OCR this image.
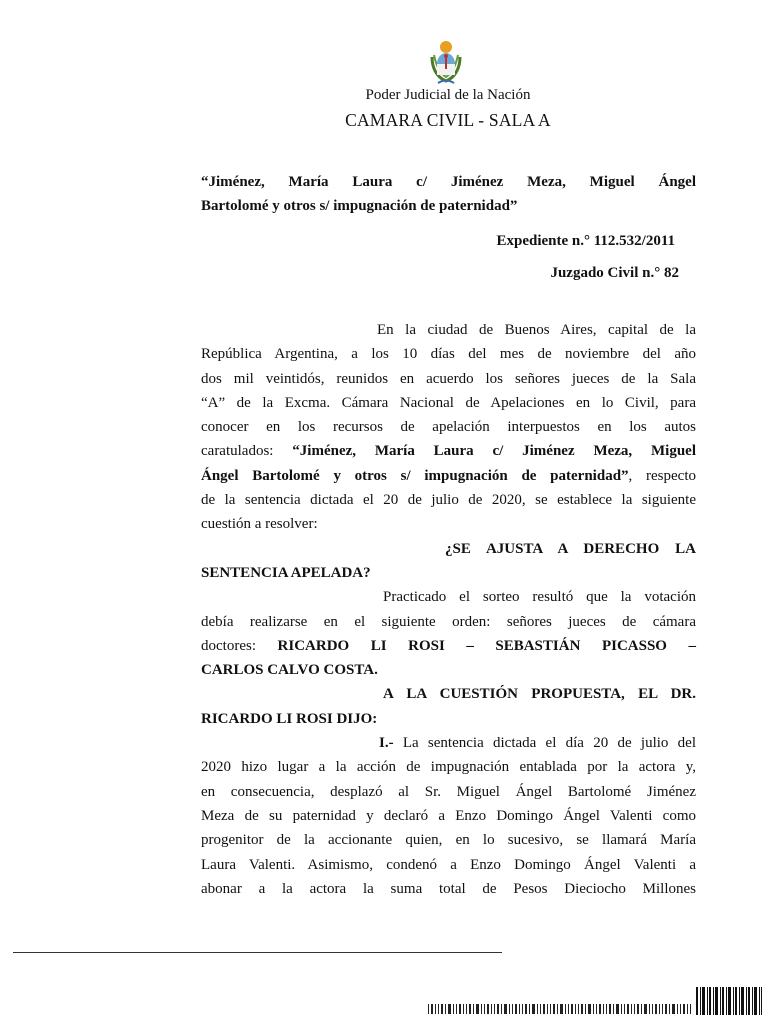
Poder Judicial de la Nación
CAMARA CIVIL - SALA A

“Jiménez, María Laura c/ Jiménez Meza, Miguel Ángel

Bartolomé y otros s/ impugnación de paternidad”

Expediente n.° 112.532/2011
Juzgado Civil n.° 82

En la ciudad de Buenos Aires, capital de la

República Argentina, a los 10 días del mes de noviembre del año

dos mil veintidós, reunidos en acuerdo los señores jueces de la Sala

“A” de la Excma. Cámara Nacional de Apelaciones en lo Civil, para

conocer en los recursos de apelación interpuestos en los autos

caratulados: “Jiménez, María Laura c/ Jiménez Meza, Miguel

Ángel Bartolomé y otros s/ impugnación de paternidad”, respecto

de la sentencia dictada el 20 de julio de 2020, se establece la siguiente

cuestión a resolver:

¿SE AJUSTA A DERECHO LA

SENTENCIA APELADA?

Practicado el sorteo resultó que la votación

debía realizarse en el siguiente orden: señores jueces de cámara

doctores: RICARDO LI ROSI – SEBASTIÁN PICASSO –

CARLOS CALVO COSTA.

A LA CUESTIÓN PROPUESTA, EL DR.

RICARDO LI ROSI DIJO:

I.- La sentencia dictada el día 20 de julio del

2020 hizo lugar a la acción de impugnación entablada por la actora y,

en consecuencia, desplazó al Sr. Miguel Ángel Bartolomé Jiménez

Meza de su paternidad y declaró a Enzo Domingo Ángel Valenti como

progenitor de la accionante quien, en lo sucesivo, se llamará María

Laura Valenti. Asimismo, condenó a Enzo Domingo Ángel Valenti a

abonar a la actora la suma total de Pesos Dieciocho Millones
